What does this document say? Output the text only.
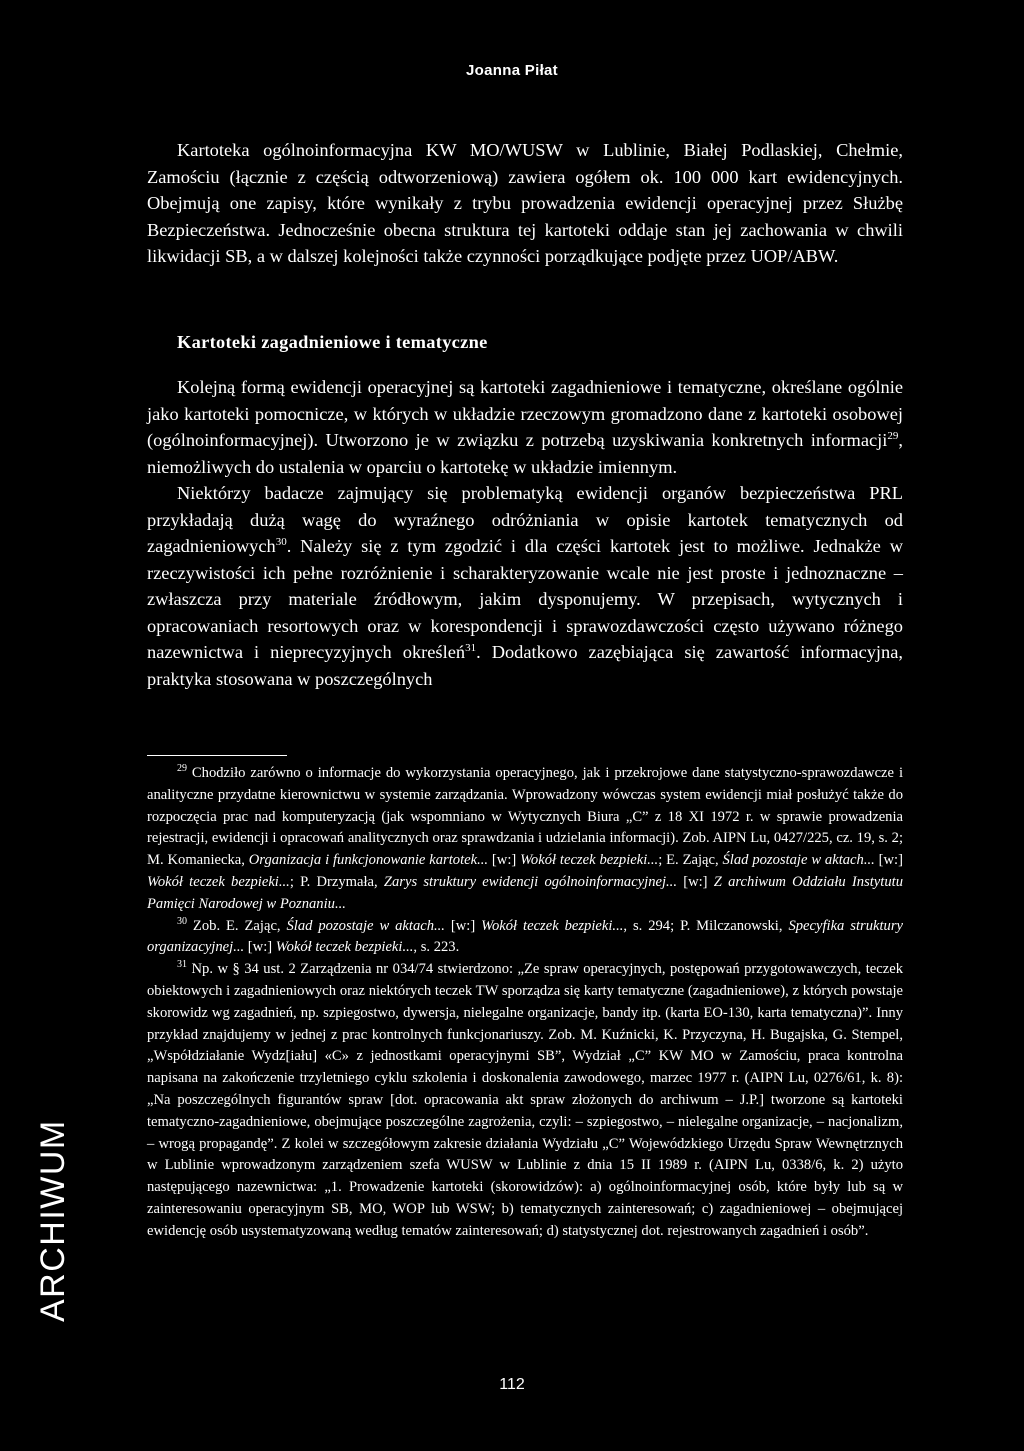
Joanna Piłat

Kartoteka ogólnoinformacyjna KW MO/WUSW w Lublinie, Białej Podlaskiej, Chełmie, Zamościu (łącznie z częścią odtworzeniową) zawiera ogółem ok. 100 000 kart ewidencyjnych. Obejmują one zapisy, które wynikały z trybu prowadzenia ewidencji operacyjnej przez Służbę Bezpieczeństwa. Jednocześnie obecna struktura tej kartoteki oddaje stan jej zachowania w chwili likwidacji SB, a w dalszej kolejności także czynności porządkujące podjęte przez UOP/ABW.

Kartoteki zagadnieniowe i tematyczne

Kolejną formą ewidencji operacyjnej są kartoteki zagadnieniowe i tematyczne, określane ogólnie jako kartoteki pomocnicze, w których w układzie rzeczowym gromadzono dane z kartoteki osobowej (ogólnoinformacyjnej). Utworzono je w związku z potrzebą uzyskiwania konkretnych informacji$^{29}$, niemożliwych do ustalenia w oparciu o kartotekę w układzie imiennym.

Niektórzy badacze zajmujący się problematyką ewidencji organów bezpieczeństwa PRL przykładają dużą wagę do wyraźnego odróżniania w opisie kartotek tematycznych od zagadnieniowych$^{30}$. Należy się z tym zgodzić i dla części kartotek jest to możliwe. Jednakże w rzeczywistości ich pełne rozróżnienie i scharakteryzowanie wcale nie jest proste i jednoznaczne – zwłaszcza przy materiale źródłowym, jakim dysponujemy. W przepisach, wytycznych i opracowaniach resortowych oraz w korespondencji i sprawozdawczości często używano różnego nazewnictwa i nieprecyzyjnych określeń$^{31}$. Dodatkowo zazębiająca się zawartość informacyjna, praktyka stosowana w poszczególnych

$^{29}$ Chodziło zarówno o informacje do wykorzystania operacyjnego, jak i przekrojowe dane statystyczno-sprawozdawcze i analityczne przydatne kierownictwu w systemie zarządzania. Wprowadzony wówczas system ewidencji miał posłużyć także do rozpoczęcia prac nad komputeryzacją (jak wspomniano w Wytycznych Biura „C” z 18 XI 1972 r. w sprawie prowadzenia rejestracji, ewidencji i opracowań analitycznych oraz sprawdzania i udzielania informacji). Zob. AIPN Lu, 0427/225, cz. 19, s. 2; M. Komaniecka, Organizacja i funkcjonowanie kartotek... [w:] Wokół teczek bezpieki...; E. Zając, Ślad pozostaje w aktach... [w:] Wokół teczek bezpieki...; P. Drzymała, Zarys struktury ewidencji ogólnoinformacyjnej... [w:] Z archiwum Oddziału Instytutu Pamięci Narodowej w Poznaniu...

$^{30}$ Zob. E. Zając, Ślad pozostaje w aktach... [w:] Wokół teczek bezpieki..., s. 294; P. Milczanowski, Specyfika struktury organizacyjnej... [w:] Wokół teczek bezpieki..., s. 223.

$^{31}$ Np. w § 34 ust. 2 Zarządzenia nr 034/74 stwierdzono: „Ze spraw operacyjnych, postępowań przygotowawczych, teczek obiektowych i zagadnieniowych oraz niektórych teczek TW sporządza się karty tematyczne (zagadnieniowe), z których powstaje skorowidz wg zagadnień, np. szpiegostwo, dywersja, nielegalne organizacje, bandy itp. (karta EO-130, karta tematyczna)”. Inny przykład znajdujemy w jednej z prac kontrolnych funkcjonariuszy. Zob. M. Kuźnicki, K. Przyczyna, H. Bugajska, G. Stempel, „Współdziałanie Wydz[iału] «C» z jednostkami operacyjnymi SB”, Wydział „C” KW MO w Zamościu, praca kontrolna napisana na zakończenie trzyletniego cyklu szkolenia i doskonalenia zawodowego, marzec 1977 r. (AIPN Lu, 0276/61, k. 8): „Na poszczególnych figurantów spraw [dot. opracowania akt spraw złożonych do archiwum – J.P.] tworzone są kartoteki tematyczno-zagadnieniowe, obejmujące poszczególne zagrożenia, czyli: – szpiegostwo, – nielegalne organizacje, – nacjonalizm, – wrogą propagandę”. Z kolei w szczegółowym zakresie działania Wydziału „C” Wojewódzkiego Urzędu Spraw Wewnętrznych w Lublinie wprowadzonym zarządzeniem szefa WUSW w Lublinie z dnia 15 II 1989 r. (AIPN Lu, 0338/6, k. 2) użyto następującego nazewnictwa: „1. Prowadzenie kartoteki (skorowidzów): a) ogólnoinformacyjnej osób, które były lub są w zainteresowaniu operacyjnym SB, MO, WOP lub WSW; b) tematycznych zainteresowań; c) zagadnieniowej – obejmującej ewidencję osób usystematyzowaną według tematów zainteresowań; d) statystycznej dot. rejestrowanych zagadnień i osób”.

ARCHIWUM
112
